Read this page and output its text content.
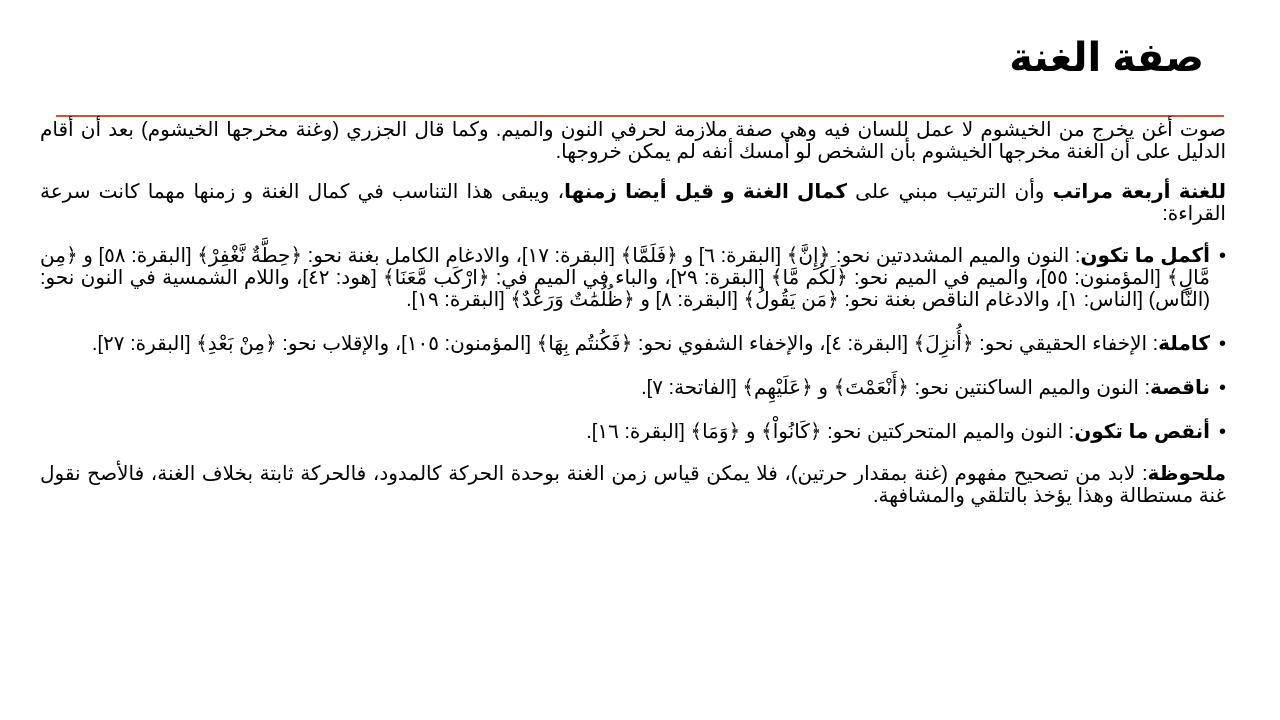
صفة الغنة

صوت أغن يخرج من الخيشوم لا عمل للسان فيه وهي صفة ملازمة لحرفي النون والميم. وكما قال الجزري (وغنة مخرجها الخيشوم) بعد أن أقام الدليل على أن الغنة مخرجها الخيشوم بأن الشخص لو أمسك أنفه لم يمكن خروجها.

للغنة أربعة مراتب وأن الترتيب مبني على كمال الغنة و قيل أيضا زمنها، ويبقى هذا التناسب في كمال الغنة و زمنها مهما كانت سرعة القراءة:

• أكمل ما تكون: النون والميم المشددتين نحو: ﴿إِنَّ﴾ [البقرة: ٦] و ﴿فَلَمَّا﴾ [البقرة: ١٧]، والادغام الكامل بغنة نحو: ﴿حِطَّةٌ نَّغْفِرْ﴾ [البقرة: ٥٨] و ﴿مِن مَّالٍ﴾ [المؤمنون: ٥٥]، والميم في الميم نحو: ﴿لَكُم مَّا﴾ [البقرة: ٢٩]، والباء في الميم في: ﴿ارْكَب مَّعَنَا﴾ [هود: ٤٢]، واللام الشمسية في النون نحو: (النَّاس) [الناس: ١]، والادغام الناقص بغنة نحو: ﴿مَن يَقُولُ﴾ [البقرة: ٨] و ﴿ظُلُمَٰتٌ وَرَعْدٌ﴾ [البقرة: ١٩].
• كاملة: الإخفاء الحقيقي نحو: ﴿أُنزِلَ﴾ [البقرة: ٤]، والإخفاء الشفوي نحو: ﴿فَكُنتُم بِهَا﴾ [المؤمنون: ١٠٥]، والإقلاب نحو: ﴿مِنْ بَعْدِ﴾ [البقرة: ٢٧].
• ناقصة: النون والميم الساكنتين نحو: ﴿أَنْعَمْتَ﴾ و ﴿عَلَيْهِم﴾ [الفاتحة: ٧].
• أنقص ما تكون: النون والميم المتحركتين نحو: ﴿كَانُواْ﴾ و ﴿وَمَا﴾ [البقرة: ١٦].

ملحوظة: لابد من تصحيح مفهوم (غنة بمقدار حرتين)، فلا يمكن قياس زمن الغنة بوحدة الحركة كالمدود، فالحركة ثابتة بخلاف الغنة، فالأصح نقول غنة مستطالة وهذا يؤخذ بالتلقي والمشافهة.
